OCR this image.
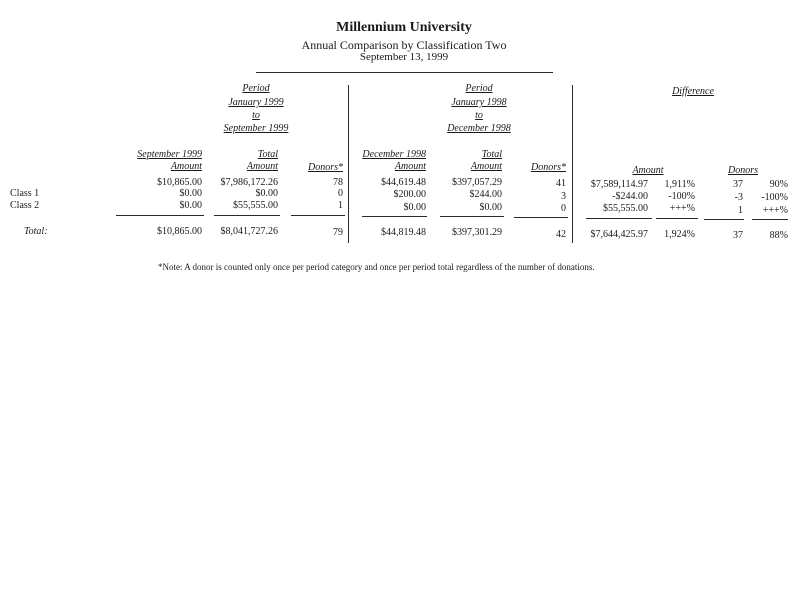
Millennium University
Annual Comparison by Classification Two
September 13, 1999
Period
January 1999
to
September 1999
Period
January 1998
to
December 1998
Difference
September 1999
Amount
Total
Amount	Donors*
December 1998
Amount
Total
Amount	Donors*	Amount	Donors
$10,865.00 $7,986,172.26	78	$44,619.48	$397,057.29	41 $7,589,114.97 1,911%	37	90%
Class 1	$0.00	$0.00	0	$200.00	$244.00	3	-$244.00 -100%	-3 -100%
Class 2	$0.00	$55,555.00	1	$0.00	$0.00	0	$55,555.00 +++%	1 +++%
Total:	$10,865.00 $8,041,727.26	79	$44,819.48	$397,301.29	42 $7,644,425.97 1,924%	37	88%
*Note: A donor is counted only once per period category and once per period total regardless of the number of donations.
